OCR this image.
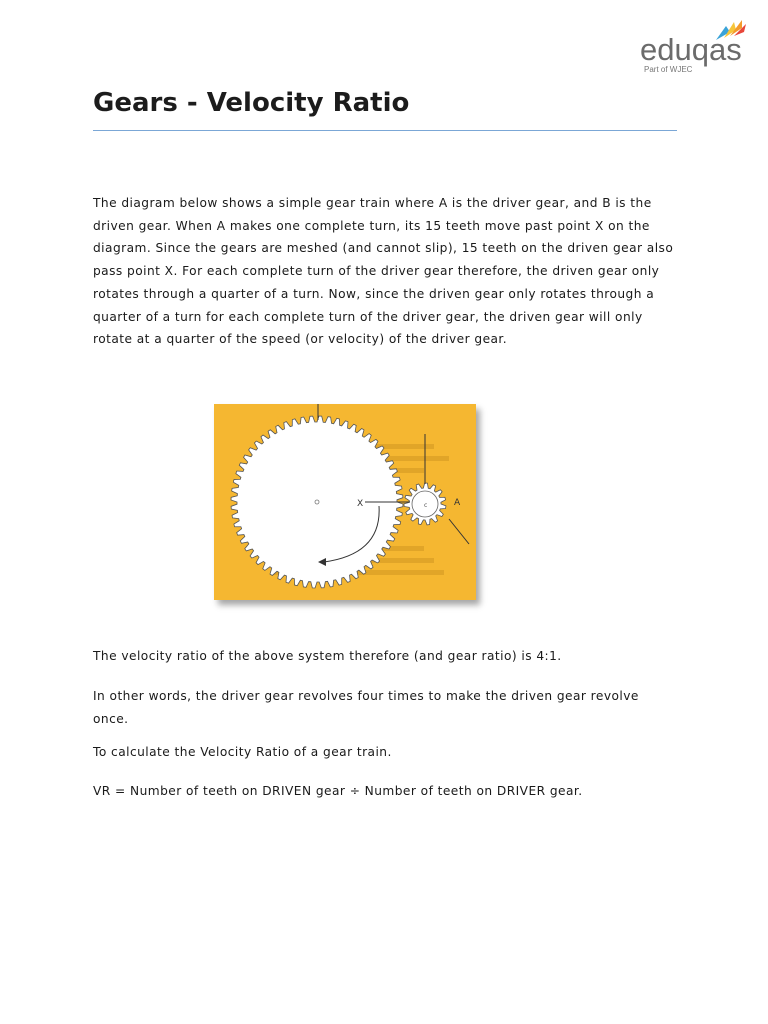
eduqas
Part of WJEC
Gears - Velocity Ratio

The diagram below shows a simple gear train where A is the driver gear, and B is the driven gear. When A makes one complete turn, its 15 teeth move past point X on the diagram. Since the gears are meshed (and cannot slip), 15 teeth on the driven gear also pass point X. For each complete turn of the driver gear therefore, the driven gear only rotates through a quarter of a turn. Now, since the driven gear only rotates through a quarter of a turn for each complete turn of the driver gear, the driven gear will only rotate at a quarter of the speed (or velocity) of the driver gear.

X	A
c

The velocity ratio of the above system therefore (and gear ratio) is 4:1.

In other words, the driver gear revolves four times to make the driven gear revolve once.

To calculate the Velocity Ratio of a gear train.

VR = Number of teeth on DRIVEN gear ÷ Number of teeth on DRIVER gear.
